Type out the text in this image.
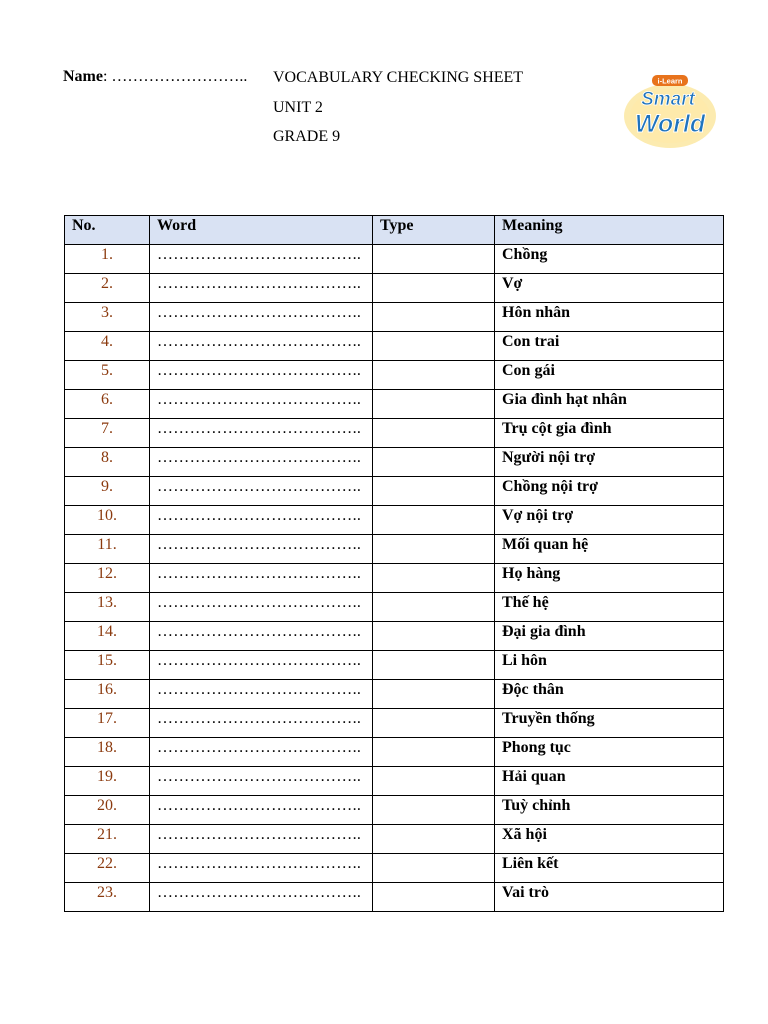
Name: …………………….. VOCABULARY CHECKING SHEET
UNIT 2
GRADE 9
i-Learn
Smart
World
No.	Word	Type	Meaning
1.	………………………………..		Chồng
2.	………………………………..		Vợ
3.	………………………………..		Hôn nhân
4.	………………………………..		Con trai
5.	………………………………..		Con gái
6.	………………………………..		Gia đình hạt nhân
7.	………………………………..		Trụ cột gia đình
8.	………………………………..		Người nội trợ
9.	………………………………..		Chồng nội trợ
10.	………………………………..		Vợ nội trợ
11.	………………………………..		Mối quan hệ
12.	………………………………..		Họ hàng
13.	………………………………..		Thế hệ
14.	………………………………..		Đại gia đình
15.	………………………………..		Li hôn
16.	………………………………..		Độc thân
17.	………………………………..		Truyền thống
18.	………………………………..		Phong tục
19.	………………………………..		Hải quan
20.	………………………………..		Tuỳ chỉnh
21.	………………………………..		Xã hội
22.	………………………………..		Liên kết
23.	………………………………..		Vai trò
